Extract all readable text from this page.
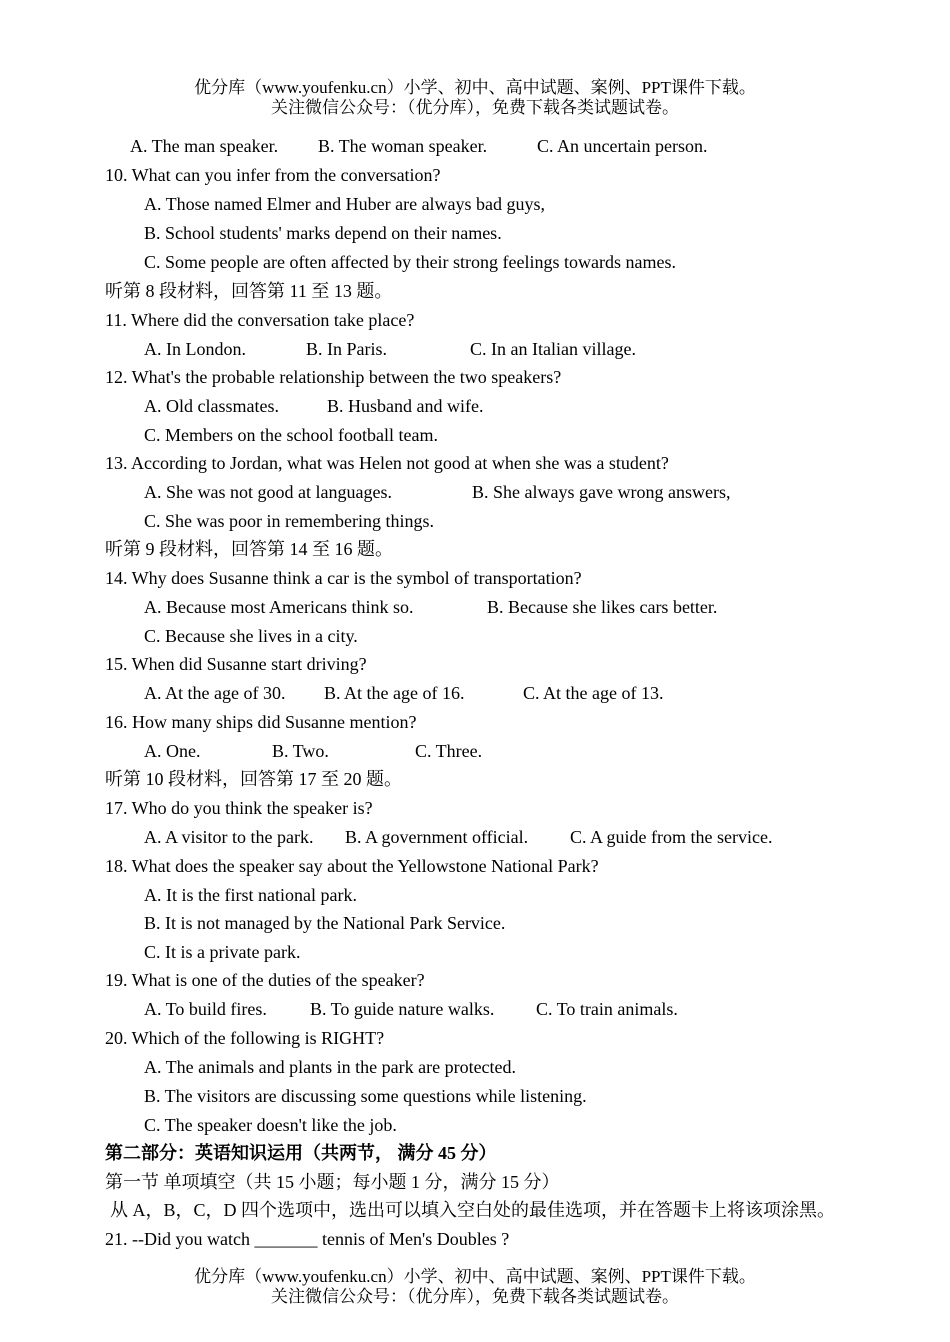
优分库（www.youfenku.cn）小学、初中、高中试题、案例、PPT课件下载。
关注微信公众号：（优分库），免费下载各类试题试卷。
A. The man speaker. B. The woman speaker.	C. An uncertain person.
10. What can you infer from the conversation?
A. Those named Elmer and Huber are always bad guys,
B. School students' marks depend on their names.
C. Some people are often affected by their strong feelings towards names.
听第 8 段材料，回答第 11 至 13 题。
11. Where did the conversation take place?
A. In London.	B. In Paris.	C. In an Italian village.
12. What's the probable relationship between the two speakers?
A. Old classmates.	B. Husband and wife.
C. Members on the school football team.
13. According to Jordan, what was Helen not good at when she was a student?
A. She was not good at languages.	B. She always gave wrong answers,
C. She was poor in remembering things.
听第 9 段材料，回答第 14 至 16 题。
14. Why does Susanne think a car is the symbol of transportation?
A. Because most Americans think so.	B. Because she likes cars better.
C. Because she lives in a city.
15. When did Susanne start driving?
A. At the age of 30. B. At the age of 16.	C. At the age of 13.
16. How many ships did Susanne mention?
A. One.	B. Two.	C. Three.
听第 10 段材料，回答第 17 至 20 题。
17. Who do you think the speaker is?
A. A visitor to the park. B. A government official. C. A guide from the service.
18. What does the speaker say about the Yellowstone National Park?
A. It is the first national park.
B. It is not managed by the National Park Service.
C. It is a private park.
19. What is one of the duties of the speaker?
A. To build fires. B. To guide nature walks. C. To train animals.
20. Which of the following is RIGHT?
A. The animals and plants in the park are protected.
B. The visitors are discussing some questions while listening.
C. The speaker doesn't like the job.
第二部分：英语知识运用（共两节， 满分 45 分）
第一节 单项填空（共 15 小题；每小题 1 分，满分 15 分）
从 A，B，C，D 四个选项中，选出可以填入空白处的最佳选项，并在答题卡上将该项涂黑。
21. --Did you watch _______ tennis of Men's Doubles ?
优分库（www.youfenku.cn）小学、初中、高中试题、案例、PPT课件下载。
关注微信公众号：（优分库），免费下载各类试题试卷。
